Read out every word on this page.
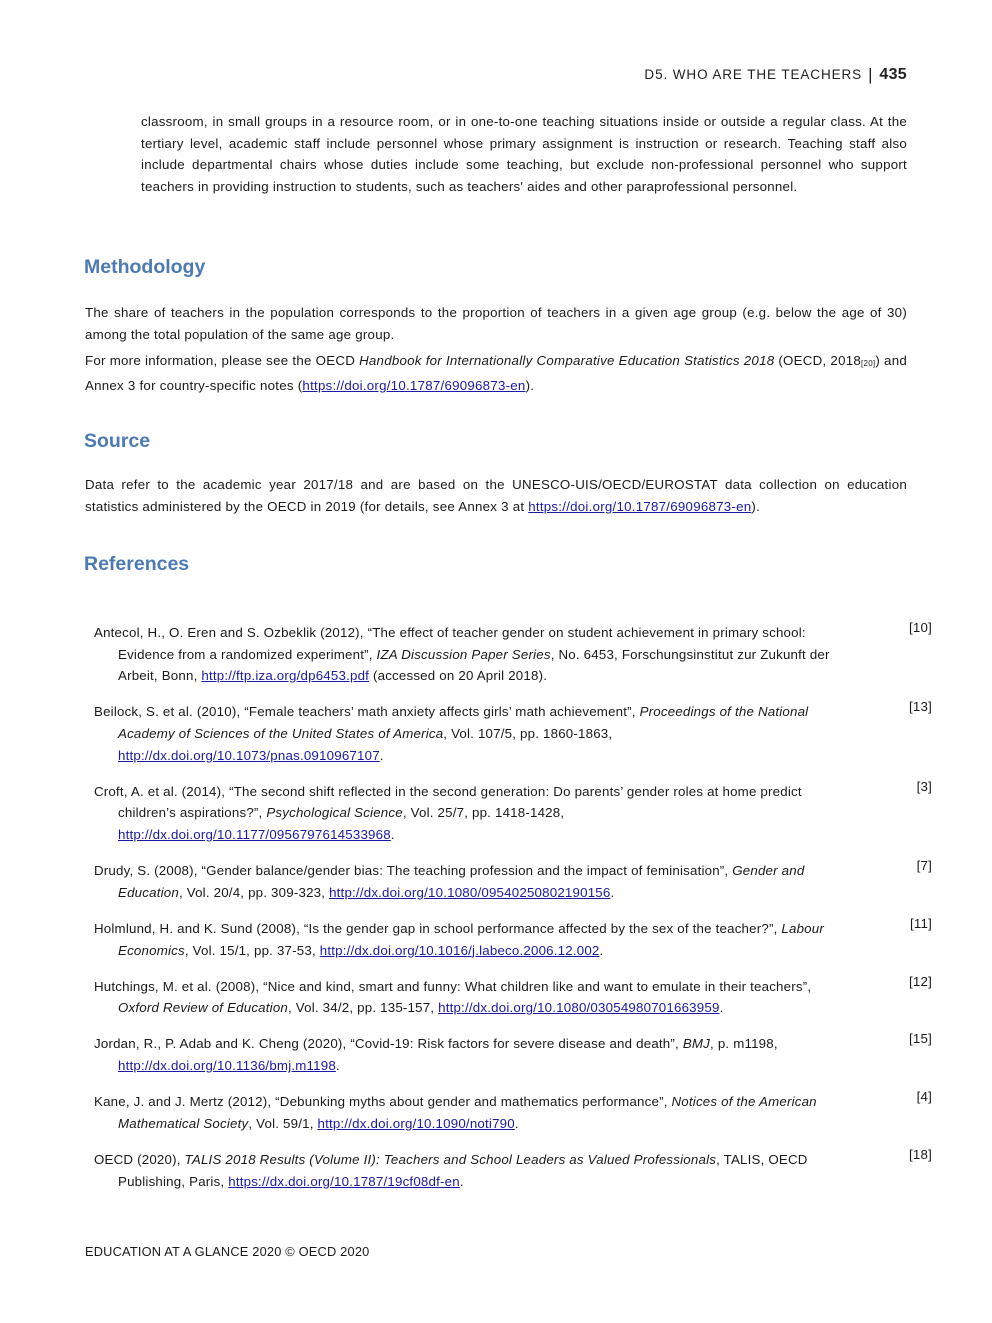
D5. WHO ARE THE TEACHERS | 435

classroom, in small groups in a resource room, or in one-to-one teaching situations inside or outside a regular class. At the tertiary level, academic staff include personnel whose primary assignment is instruction or research. Teaching staff also include departmental chairs whose duties include some teaching, but exclude non-professional personnel who support teachers in providing instruction to students, such as teachers' aides and other paraprofessional personnel.

Methodology

The share of teachers in the population corresponds to the proportion of teachers in a given age group (e.g. below the age of 30) among the total population of the same age group.

For more information, please see the OECD Handbook for Internationally Comparative Education Statistics 2018 (OECD, $2018_{[20]}$) and Annex 3 for country-specific notes (https://doi.org/10.1787/69096873-en).

Source

Data refer to the academic year 2017/18 and are based on the UNESCO-UIS/OECD/EUROSTAT data collection on education statistics administered by the OECD in 2019 (for details, see Annex 3 at https://doi.org/10.1787/69096873-en).

References
Antecol, H., O. Eren and S. Ozbeklik (2012), “The effect of teacher gender on student achievement in primary school: Evidence from a randomized experiment”, IZA Discussion Paper Series, No. 6453, Forschungsinstitut zur Zukunft der Arbeit, Bonn, http://ftp.iza.org/dp6453.pdf (accessed on 20 April 2018).
[10]
Beilock, S. et al. (2010), “Female teachers’ math anxiety affects girls’ math achievement”, Proceedings of the National Academy of Sciences of the United States of America, Vol. 107/5, pp. 1860-1863, http://dx.doi.org/10.1073/pnas.0910967107.
[13]
Croft, A. et al. (2014), “The second shift reflected in the second generation: Do parents’ gender roles at home predict children’s aspirations?”, Psychological Science, Vol. 25/7, pp. 1418-1428, http://dx.doi.org/10.1177/0956797614533968.
[3]
Drudy, S. (2008), “Gender balance/gender bias: The teaching profession and the impact of feminisation”, Gender and Education, Vol. 20/4, pp. 309-323, http://dx.doi.org/10.1080/09540250802190156.
[7]
Holmlund, H. and K. Sund (2008), “Is the gender gap in school performance affected by the sex of the teacher?”, Labour Economics, Vol. 15/1, pp. 37-53, http://dx.doi.org/10.1016/j.labeco.2006.12.002.
[11]
Hutchings, M. et al. (2008), “Nice and kind, smart and funny: What children like and want to emulate in their teachers”, Oxford Review of Education, Vol. 34/2, pp. 135-157, http://dx.doi.org/10.1080/03054980701663959.
[12]
Jordan, R., P. Adab and K. Cheng (2020), “Covid-19: Risk factors for severe disease and death”, BMJ, p. m1198, http://dx.doi.org/10.1136/bmj.m1198.
[15]
Kane, J. and J. Mertz (2012), “Debunking myths about gender and mathematics performance”, Notices of the American Mathematical Society, Vol. 59/1, http://dx.doi.org/10.1090/noti790.
[4]
OECD (2020), TALIS 2018 Results (Volume II): Teachers and School Leaders as Valued Professionals, TALIS, OECD Publishing, Paris, https://dx.doi.org/10.1787/19cf08df-en.
[18]
EDUCATION AT A GLANCE 2020 © OECD 2020
